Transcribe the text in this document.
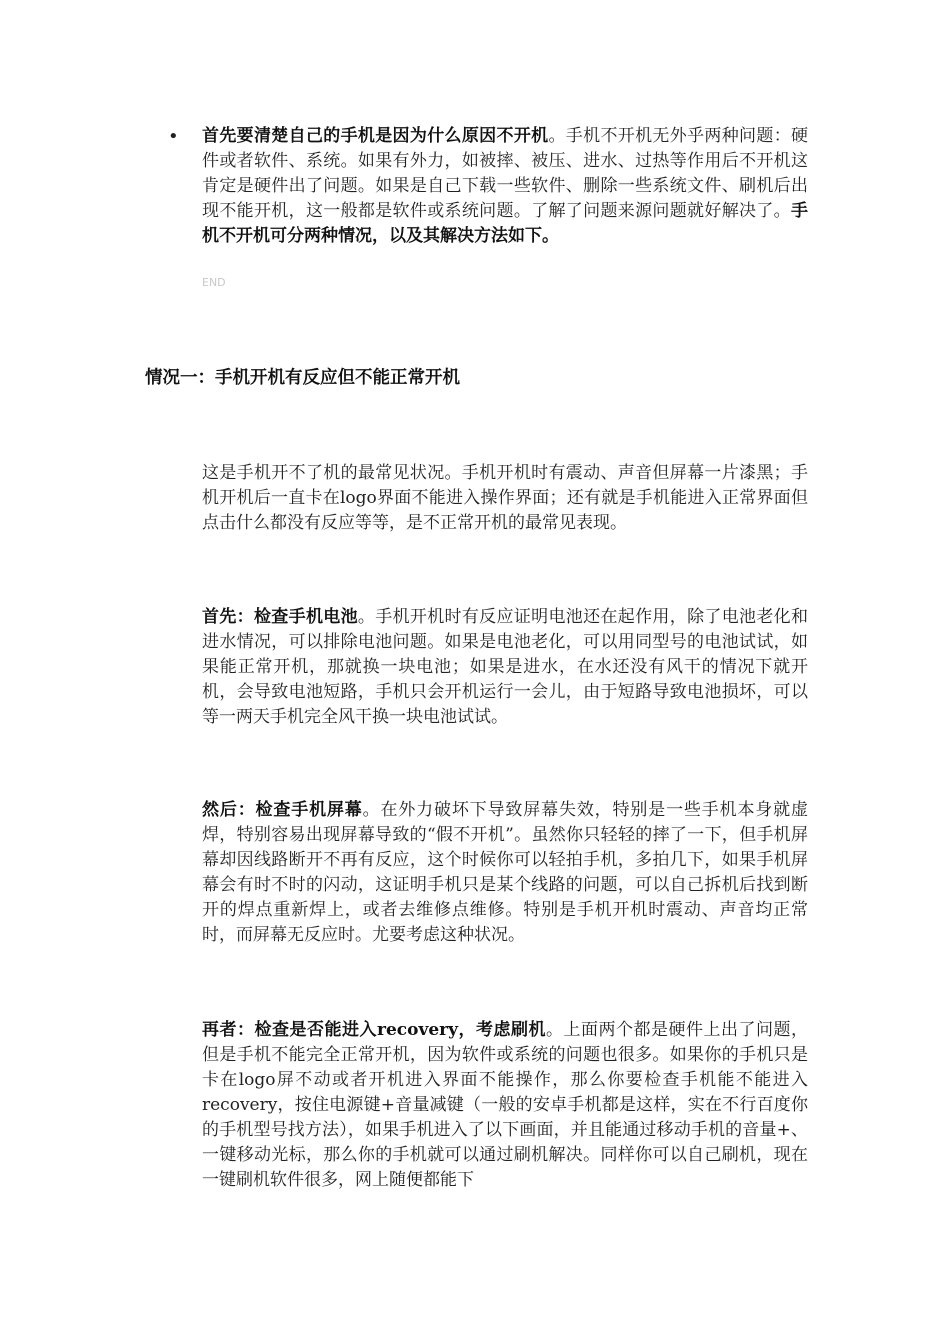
• 首先要清楚自己的手机是因为什么原因不开机。手机不开机无外乎两种问题：硬件或者软件、系统。如果有外力，如被摔、被压、进水、过热等作用后不开机这肯定是硬件出了问题。如果是自己下载一些软件、删除一些系统文件、刷机后出现不能开机，这一般都是软件或系统问题。了解了问题来源问题就好解决了。手机不开机可分两种情况，以及其解决方法如下。
END
情况一：手机开机有反应但不能正常开机
这是手机开不了机的最常见状况。手机开机时有震动、声音但屏幕一片漆黑；手机开机后一直卡在logo界面不能进入操作界面；还有就是手机能进入正常界面但点击什么都没有反应等等，是不正常开机的最常见表现。
首先：检查手机电池。手机开机时有反应证明电池还在起作用，除了电池老化和进水情况，可以排除电池问题。如果是电池老化，可以用同型号的电池试试，如果能正常开机，那就换一块电池；如果是进水，在水还没有风干的情况下就开机，会导致电池短路，手机只会开机运行一会儿，由于短路导致电池损坏，可以等一两天手机完全风干换一块电池试试。
然后：检查手机屏幕。在外力破坏下导致屏幕失效，特别是一些手机本身就虚焊，特别容易出现屏幕导致的“假不开机”。虽然你只轻轻的摔了一下，但手机屏幕却因线路断开不再有反应，这个时候你可以轻拍手机，多拍几下，如果手机屏幕会有时不时的闪动，这证明手机只是某个线路的问题，可以自己拆机后找到断开的焊点重新焊上，或者去维修点维修。特别是手机开机时震动、声音均正常时，而屏幕无反应时。尤要考虑这种状况。
再者：检查是否能进入recovery，考虑刷机。上面两个都是硬件上出了问题，但是手机不能完全正常开机，因为软件或系统的问题也很多。如果你的手机只是卡在logo屏不动或者开机进入界面不能操作，那么你要检查手机能不能进入recovery，按住电源键+音量减键（一般的安卓手机都是这样，实在不行百度你的手机型号找方法），如果手机进入了以下画面，并且能通过移动手机的音量+、一键移动光标，那么你的手机就可以通过刷机解决。同样你可以自己刷机，现在一键刷机软件很多，网上随便都能下
